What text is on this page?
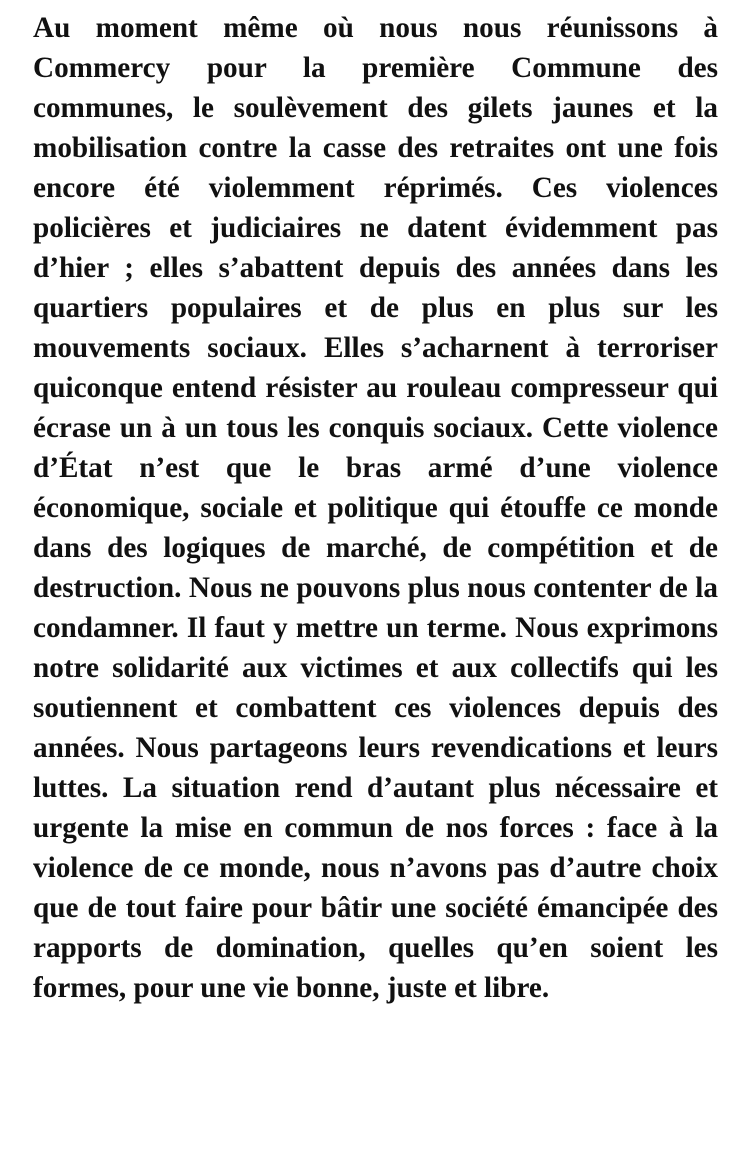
Au moment même où nous nous réunissons à Commercy pour la première Commune des communes, le soulèvement des gilets jaunes et la mobilisation contre la casse des retraites ont une fois encore été violemment réprimés. Ces violences policières et judiciaires ne datent évidemment pas d’hier ; elles s’abattent depuis des années dans les quartiers populaires et de plus en plus sur les mouvements sociaux. Elles s’acharnent à terroriser quiconque entend résister au rouleau compresseur qui écrase un à un tous les conquis sociaux. Cette violence d’État n’est que le bras armé d’une violence économique, sociale et politique qui étouffe ce monde dans des logiques de marché, de compétition et de destruction. Nous ne pouvons plus nous contenter de la condamner. Il faut y mettre un terme. Nous exprimons notre solidarité aux victimes et aux collectifs qui les soutiennent et combattent ces violences depuis des années. Nous partageons leurs revendications et leurs luttes. La situation rend d’autant plus nécessaire et urgente la mise en commun de nos forces : face à la violence de ce monde, nous n’avons pas d’autre choix que de tout faire pour bâtir une société émancipée des rapports de domination, quelles qu’en soient les formes, pour une vie bonne, juste et libre.
